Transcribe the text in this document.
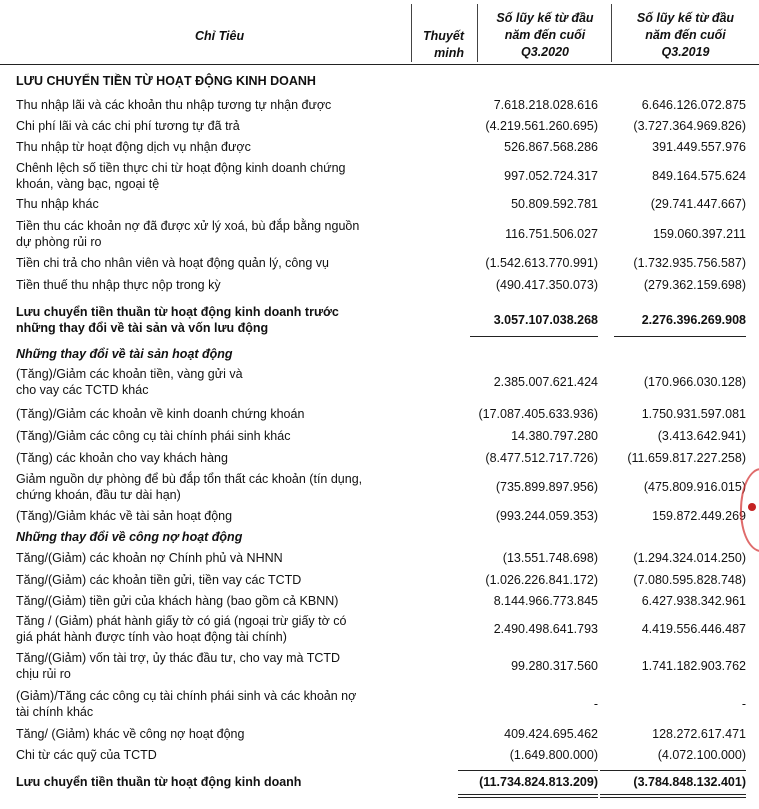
Chỉ Tiêu	Thuyết
minh
Số lũy kế từ đầu
năm đến cuối
Q3.2020
Số lũy kế từ đầu
năm đến cuối
Q3.2019
LƯU CHUYỂN TIỀN TỪ HOẠT ĐỘNG KINH DOANH
Thu nhập lãi và các khoản thu nhập tương tự nhận được	7.618.218.028.616	6.646.126.072.875
Chi phí lãi và các chi phí tương tự đã trả	(4.219.561.260.695)	(3.727.364.969.826)
Thu nhập từ hoạt động dịch vụ nhận được	526.867.568.286	391.449.557.976
Chênh lệch số tiền thực chi từ hoạt động kinh doanh chứng
khoán, vàng bạc, ngoại tệ
997.052.724.317	849.164.575.624
Thu nhập khác	50.809.592.781	(29.741.447.667)
Tiền thu các khoản nợ đã được xử lý xoá, bù đắp bằng nguồn
dự phòng rủi ro
116.751.506.027	159.060.397.211
Tiền chi trả cho nhân viên và hoạt động quản lý, công vụ	(1.542.613.770.991)	(1.732.935.756.587)
Tiền thuế thu nhập thực nộp trong kỳ	(490.417.350.073)	(279.362.159.698)
Lưu chuyển tiền thuần từ hoạt động kinh doanh trước
những thay đổi về tài sản và vốn lưu động
3.057.107.038.268	2.276.396.269.908
Những thay đổi về tài sản hoạt động
(Tăng)/Giảm các khoản tiền, vàng gửi và
cho vay các TCTD khác
2.385.007.621.424	(170.966.030.128)
(Tăng)/Giảm các khoản về kinh doanh chứng khoán	(17.087.405.633.936)	1.750.931.597.081
(Tăng)/Giảm các công cụ tài chính phái sinh khác	14.380.797.280	(3.413.642.941)
(Tăng) các khoản cho vay khách hàng	(8.477.512.717.726)	(11.659.817.227.258)
Giảm nguồn dự phòng để bù đắp tổn thất các khoản (tín dụng,
chứng khoán, đầu tư dài hạn)
(735.899.897.956)	(475.809.916.015)
(Tăng)/Giảm khác về tài sản hoạt động	(993.244.059.353)	159.872.449.269
Những thay đổi về công nợ hoạt động
Tăng/(Giảm) các khoản nợ Chính phủ và NHNN	(13.551.748.698)	(1.294.324.014.250)
Tăng/(Giảm) các khoản tiền gửi, tiền vay các TCTD	(1.026.226.841.172)	(7.080.595.828.748)
Tăng/(Giảm) tiền gửi của khách hàng (bao gồm cả KBNN)	8.144.966.773.845	6.427.938.342.961
Tăng / (Giảm) phát hành giấy tờ có giá (ngoại trừ giấy tờ có
giá phát hành được tính vào hoạt động tài chính)
2.490.498.641.793	4.419.556.446.487
Tăng/(Giảm) vốn tài trợ, ủy thác đầu tư, cho vay mà TCTD
chịu rủi ro
99.280.317.560	1.741.182.903.762
(Giảm)/Tăng các công cụ tài chính phái sinh và các khoản nợ
tài chính khác
-	-
Tăng/ (Giảm) khác về công nợ hoạt động	409.424.695.462	128.272.617.471
Chi từ các quỹ của TCTD	(1.649.800.000)	(4.072.100.000)
Lưu chuyển tiền thuần từ hoạt động kinh doanh	(11.734.824.813.209)	(3.784.848.132.401)
